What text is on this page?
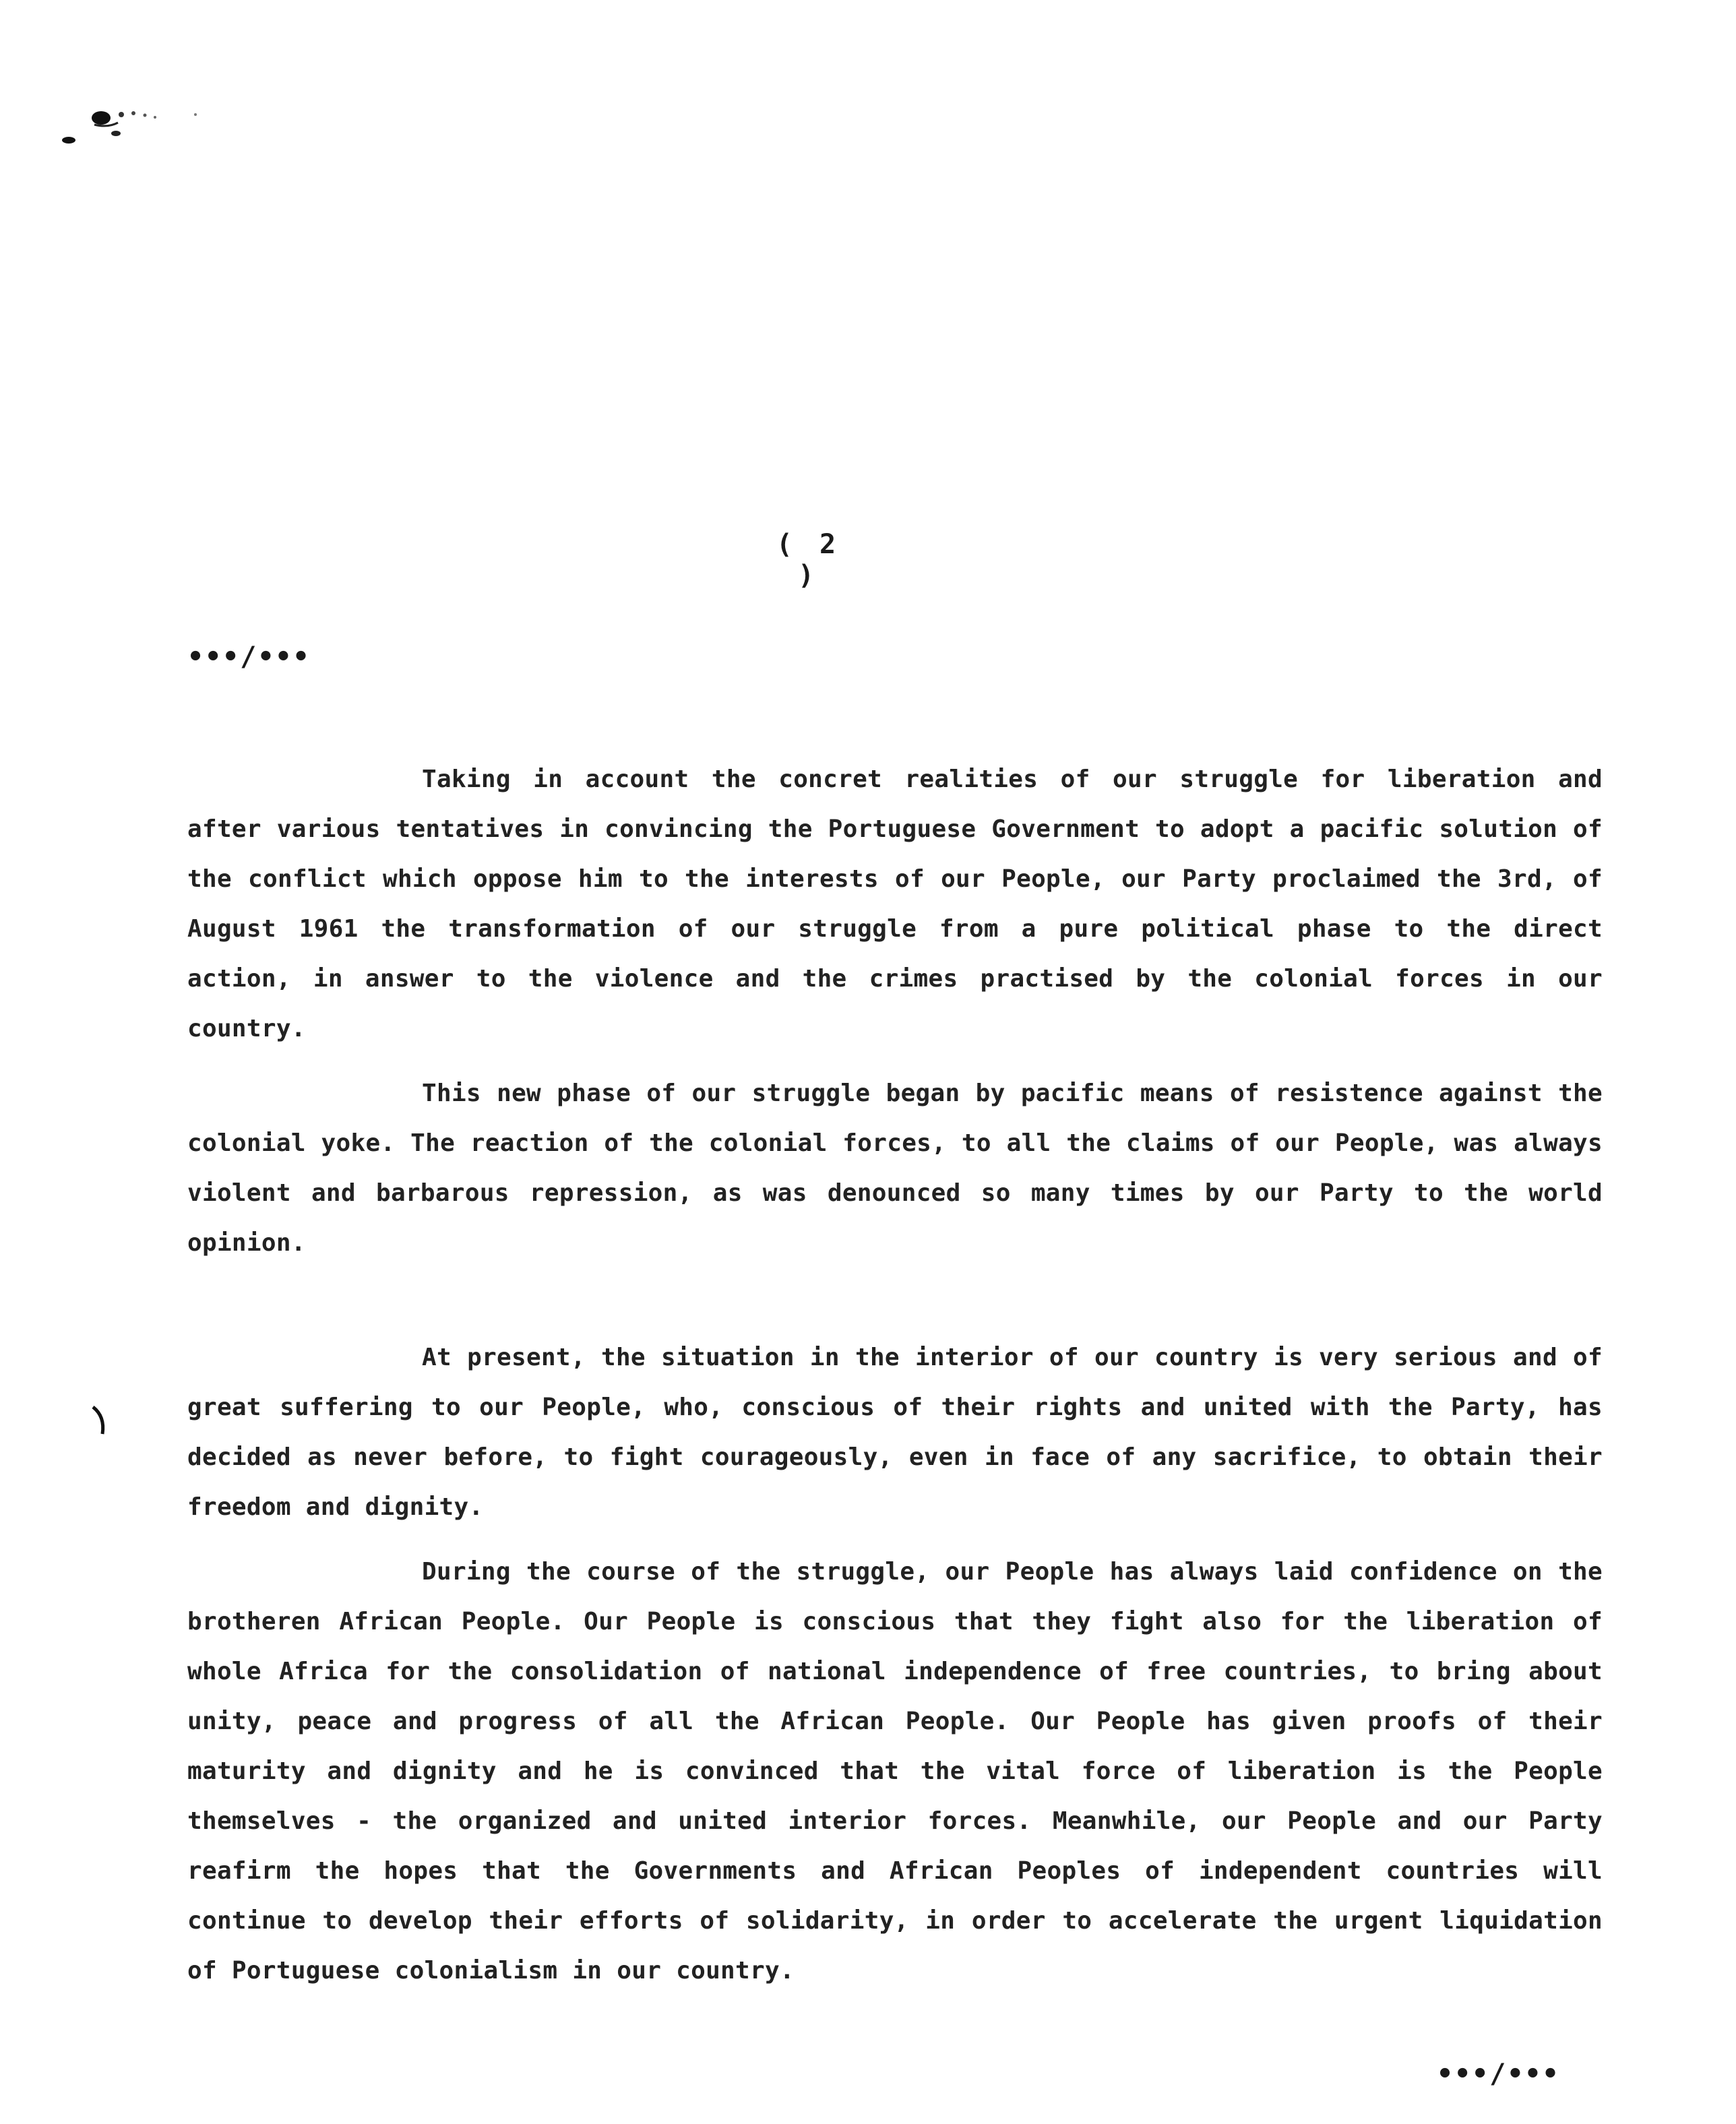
( 2 )
•••/•••

Taking in account the concret realities of our struggle for liberation and after various tentatives in convincing the Portuguese Government to adopt a pacific solution of the conflict which oppose him to the interests of our People, our Party proclaimed the 3rd, of August 1961 the transformation of our struggle from a pure political phase to the direct action, in answer to the violence and the crimes practised by the colonial forces in our country.

This new phase of our struggle began by pacific means of resistence against the colonial yoke. The reaction of the colonial forces, to all the claims of our People, was always violent and barbarous repression, as was denounced so many times by our Party to the world opinion.

At present, the situation in the interior of our country is very serious and of great suffering to our People, who, conscious of their rights and united with the Party, has decided as never before, to fight courageously, even in face of any sacrifice, to obtain their freedom and dignity.

During the course of the struggle, our People has always laid confidence on the brotheren African People. Our People is conscious that they fight also for the liberation of whole Africa for the consolidation of national independence of free countries, to bring about unity, peace and progress of all the African People. Our People has given proofs of their maturity and dignity and he is convinced that the vital force of liberation is the People themselves - the organized and united interior forces. Meanwhile, our People and our Party reafirm the hopes that the Governments and African Peoples of independent countries will continue to develop their efforts of solidarity, in order to accelerate the urgent liquidation of Portuguese colonialism in our country.

•••/•••
